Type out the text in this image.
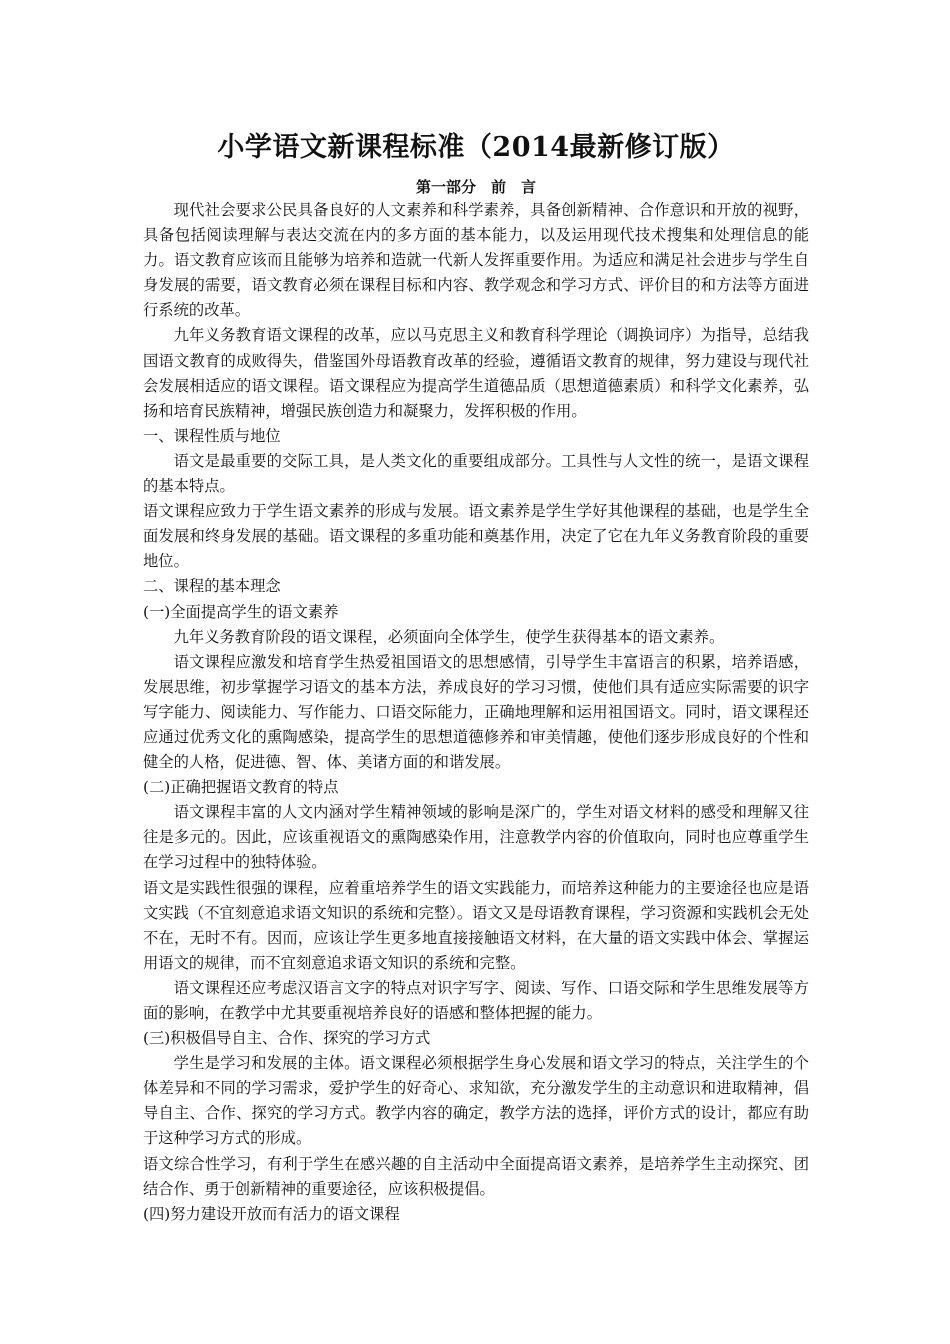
小学语文新课程标准（2014最新修订版）
第一部分　前　言

现代社会要求公民具备良好的人文素养和科学素养，具备创新精神、合作意识和开放的视野，具备包括阅读理解与表达交流在内的多方面的基本能力，以及运用现代技术搜集和处理信息的能力。语文教育应该而且能够为培养和造就一代新人发挥重要作用。为适应和满足社会进步与学生自身发展的需要，语文教育必须在课程目标和内容、教学观念和学习方式、评价目的和方法等方面进行系统的改革。

九年义务教育语文课程的改革，应以马克思主义和教育科学理论（调换词序）为指导，总结我国语文教育的成败得失，借鉴国外母语教育改革的经验，遵循语文教育的规律，努力建设与现代社会发展相适应的语文课程。语文课程应为提高学生道德品质（思想道德素质）和科学文化素养，弘扬和培育民族精神，增强民族创造力和凝聚力，发挥积极的作用。

一、课程性质与地位

语文是最重要的交际工具，是人类文化的重要组成部分。工具性与人文性的统一，是语文课程的基本特点。

语文课程应致力于学生语文素养的形成与发展。语文素养是学生学好其他课程的基础，也是学生全面发展和终身发展的基础。语文课程的多重功能和奠基作用，决定了它在九年义务教育阶段的重要地位。

二、课程的基本理念

(一)全面提高学生的语文素养

九年义务教育阶段的语文课程，必须面向全体学生，使学生获得基本的语文素养。

语文课程应激发和培育学生热爱祖国语文的思想感情，引导学生丰富语言的积累，培养语感，发展思维，初步掌握学习语文的基本方法，养成良好的学习习惯，使他们具有适应实际需要的识字写字能力、阅读能力、写作能力、口语交际能力，正确地理解和运用祖国语文。同时，语文课程还应通过优秀文化的熏陶感染，提高学生的思想道德修养和审美情趣，使他们逐步形成良好的个性和健全的人格，促进德、智、体、美诸方面的和谐发展。

(二)正确把握语文教育的特点

语文课程丰富的人文内涵对学生精神领域的影响是深广的，学生对语文材料的感受和理解又往往是多元的。因此，应该重视语文的熏陶感染作用，注意教学内容的价值取向，同时也应尊重学生在学习过程中的独特体验。

语文是实践性很强的课程，应着重培养学生的语文实践能力，而培养这种能力的主要途径也应是语文实践（不宜刻意追求语文知识的系统和完整）。语文又是母语教育课程，学习资源和实践机会无处不在，无时不有。因而，应该让学生更多地直接接触语文材料，在大量的语文实践中体会、掌握运用语文的规律，而不宜刻意追求语文知识的系统和完整。

语文课程还应考虑汉语言文字的特点对识字写字、阅读、写作、口语交际和学生思维发展等方面的影响，在教学中尤其要重视培养良好的语感和整体把握的能力。

(三)积极倡导自主、合作、探究的学习方式

学生是学习和发展的主体。语文课程必须根据学生身心发展和语文学习的特点，关注学生的个体差异和不同的学习需求，爱护学生的好奇心、求知欲，充分激发学生的主动意识和进取精神，倡导自主、合作、探究的学习方式。教学内容的确定，教学方法的选择，评价方式的设计，都应有助于这种学习方式的形成。

语文综合性学习，有利于学生在感兴趣的自主活动中全面提高语文素养，是培养学生主动探究、团结合作、勇于创新精神的重要途径，应该积极提倡。

(四)努力建设开放而有活力的语文课程
